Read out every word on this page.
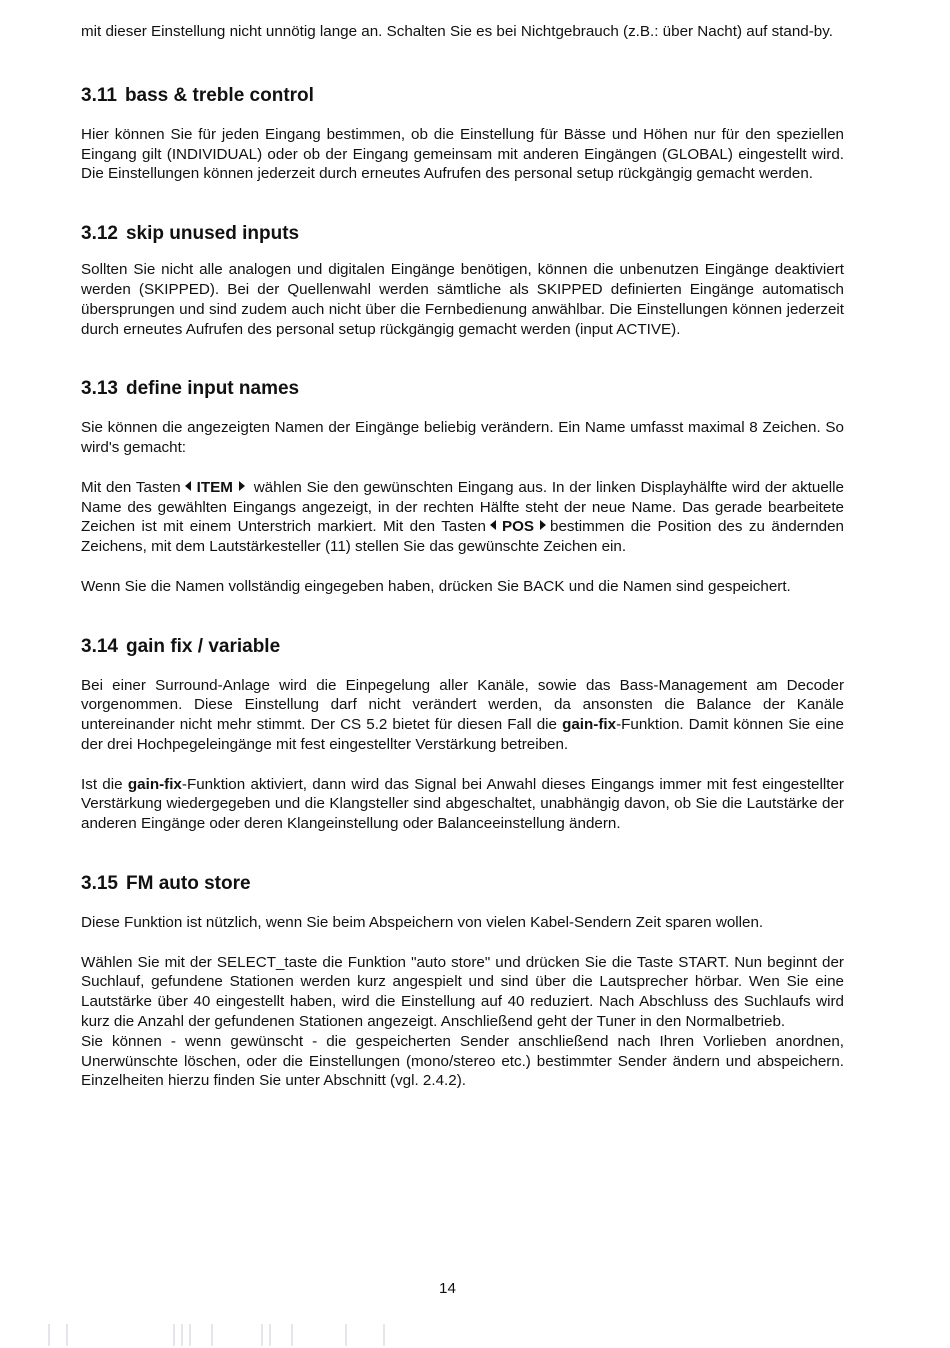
mit dieser Einstellung nicht unnötig lange an. Schalten Sie es bei Nichtgebrauch (z.B.: über Nacht) auf stand-by.

3.11 bass & treble control

Hier können Sie für jeden Eingang bestimmen, ob die Einstellung für Bässe und Höhen nur für den speziellen Eingang gilt (INDIVIDUAL) oder ob der Eingang gemeinsam mit anderen Eingängen (GLOBAL) eingestellt wird. Die Einstellungen können jederzeit durch erneutes Aufrufen des personal setup rückgängig gemacht werden.

3.12 skip unused inputs

Sollten Sie nicht alle analogen und digitalen Eingänge benötigen, können die unbenutzen Eingänge deaktiviert werden (SKIPPED). Bei der Quellenwahl werden sämtliche als SKIPPED definierten Eingänge automatisch übersprungen und sind zudem auch nicht über die Fernbedienung anwählbar. Die Einstellungen können jederzeit durch erneutes Aufrufen des personal setup rückgängig gemacht werden (input ACTIVE).

3.13 define input names

Sie können die angezeigten Namen der Eingänge beliebig verändern. Ein Name umfasst maximal 8 Zeichen. So wird's gemacht:

Mit den Tasten ITEM wählen Sie den gewünschten Eingang aus. In der linken Displayhälfte wird der aktuelle Name des gewählten Eingangs angezeigt, in der rechten Hälfte steht der neue Name. Das gerade bearbeitete Zeichen ist mit einem Unterstrich markiert. Mit den Tasten POS bestimmen die Position des zu ändernden Zeichens, mit dem Lautstärkesteller (11) stellen Sie das gewünschte Zeichen ein.

Wenn Sie die Namen vollständig eingegeben haben, drücken Sie BACK und die Namen sind gespeichert.

3.14 gain fix / variable

Bei einer Surround-Anlage wird die Einpegelung aller Kanäle, sowie das Bass-Management am Decoder vorgenommen. Diese Einstellung darf nicht verändert werden, da ansonsten die Balance der Kanäle untereinander nicht mehr stimmt. Der CS 5.2 bietet für diesen Fall die gain-fix-Funktion. Damit können Sie eine der drei Hochpegeleingänge mit fest eingestellter Verstärkung betreiben.

Ist die gain-fix-Funktion aktiviert, dann wird das Signal bei Anwahl dieses Eingangs immer mit fest eingestellter Verstärkung wiedergegeben und die Klangsteller sind abgeschaltet, unabhängig davon, ob Sie die Lautstärke der anderen Eingänge oder deren Klangeinstellung oder Balanceeinstellung ändern.

3.15 FM auto store

Diese Funktion ist nützlich, wenn Sie beim Abspeichern von vielen Kabel-Sendern Zeit sparen wollen.

Wählen Sie mit der SELECT_taste die Funktion "auto store" und drücken Sie die Taste START. Nun beginnt der Suchlauf, gefundene Stationen werden kurz angespielt und sind über die Lautsprecher hörbar. Wen Sie eine Lautstärke über 40 eingestellt haben, wird die Einstellung auf 40 reduziert. Nach Abschluss des Suchlaufs wird kurz die Anzahl der gefundenen Stationen angezeigt. Anschließend geht der Tuner in den Normalbetrieb.

Sie können - wenn gewünscht - die gespeicherten Sender anschließend nach Ihren Vorlieben anordnen, Unerwünschte löschen, oder die Einstellungen (mono/stereo etc.) bestimmter Sender ändern und abspeichern. Einzelheiten hierzu finden Sie unter Abschnitt (vgl. 2.4.2).

14
